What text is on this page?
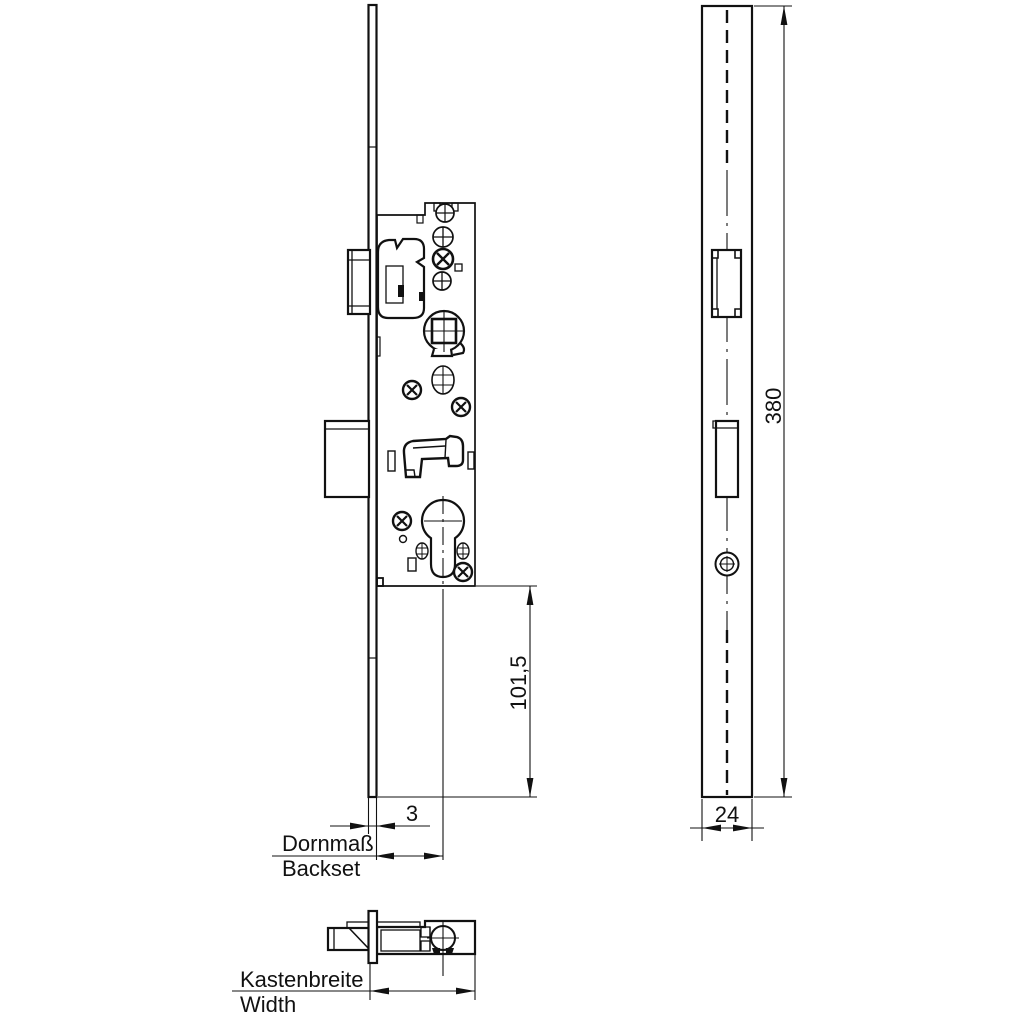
3
101,5
380
24
Dornmaß
Backset
Kastenbreite
Width
